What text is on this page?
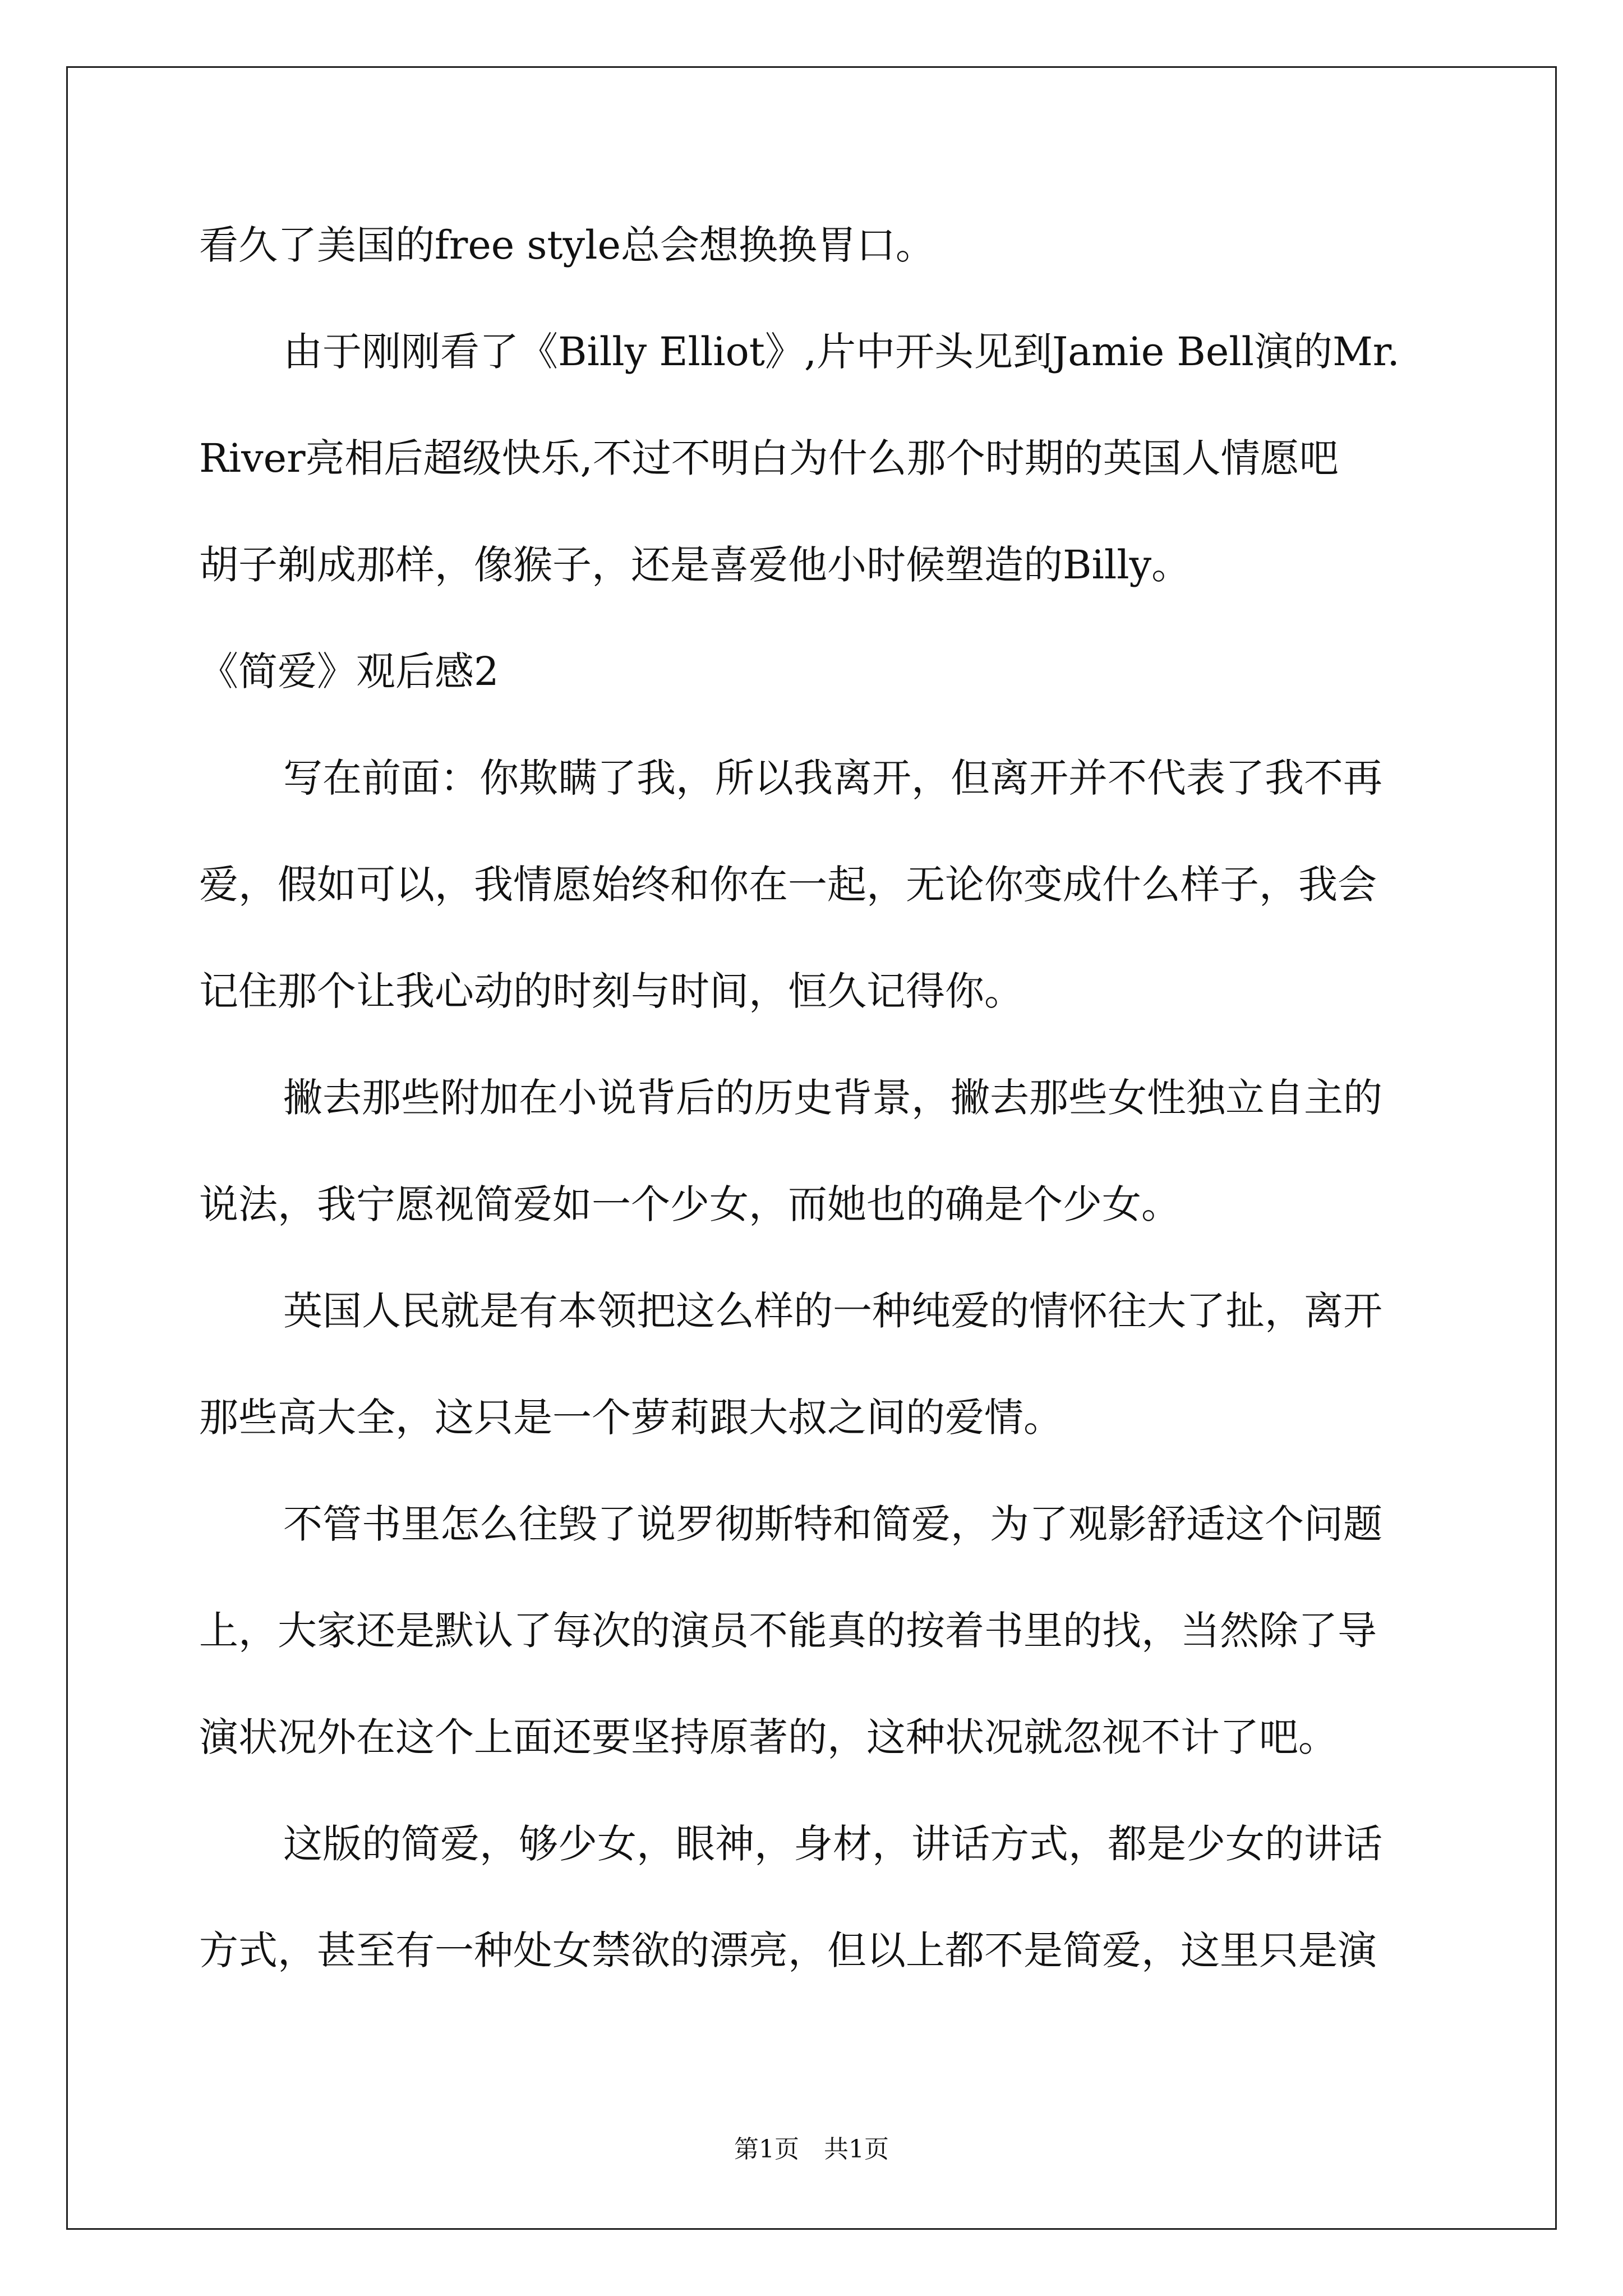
看久了美国的free style总会想换换胃口。
由于刚刚看了《Billy Elliot》,片中开头见到Jamie Bell演的Mr.
River亮相后超级快乐,不过不明白为什么那个时期的英国人情愿吧
胡子剃成那样，像猴子，还是喜爱他小时候塑造的Billy。
《简爱》观后感2
写在前面：你欺瞒了我，所以我离开，但离开并不代表了我不再
爱，假如可以，我情愿始终和你在一起，无论你变成什么样子，我会
记住那个让我心动的时刻与时间，恒久记得你。
撇去那些附加在小说背后的历史背景，撇去那些女性独立自主的
说法，我宁愿视简爱如一个少女，而她也的确是个少女。
英国人民就是有本领把这么样的一种纯爱的情怀往大了扯，离开
那些高大全，这只是一个萝莉跟大叔之间的爱情。
不管书里怎么往毁了说罗彻斯特和简爱，为了观影舒适这个问题
上，大家还是默认了每次的演员不能真的按着书里的找，当然除了导
演状况外在这个上面还要坚持原著的，这种状况就忽视不计了吧。
这版的简爱，够少女，眼神，身材，讲话方式，都是少女的讲话
方式，甚至有一种处女禁欲的漂亮，但以上都不是简爱，这里只是演
第1页　共1页
